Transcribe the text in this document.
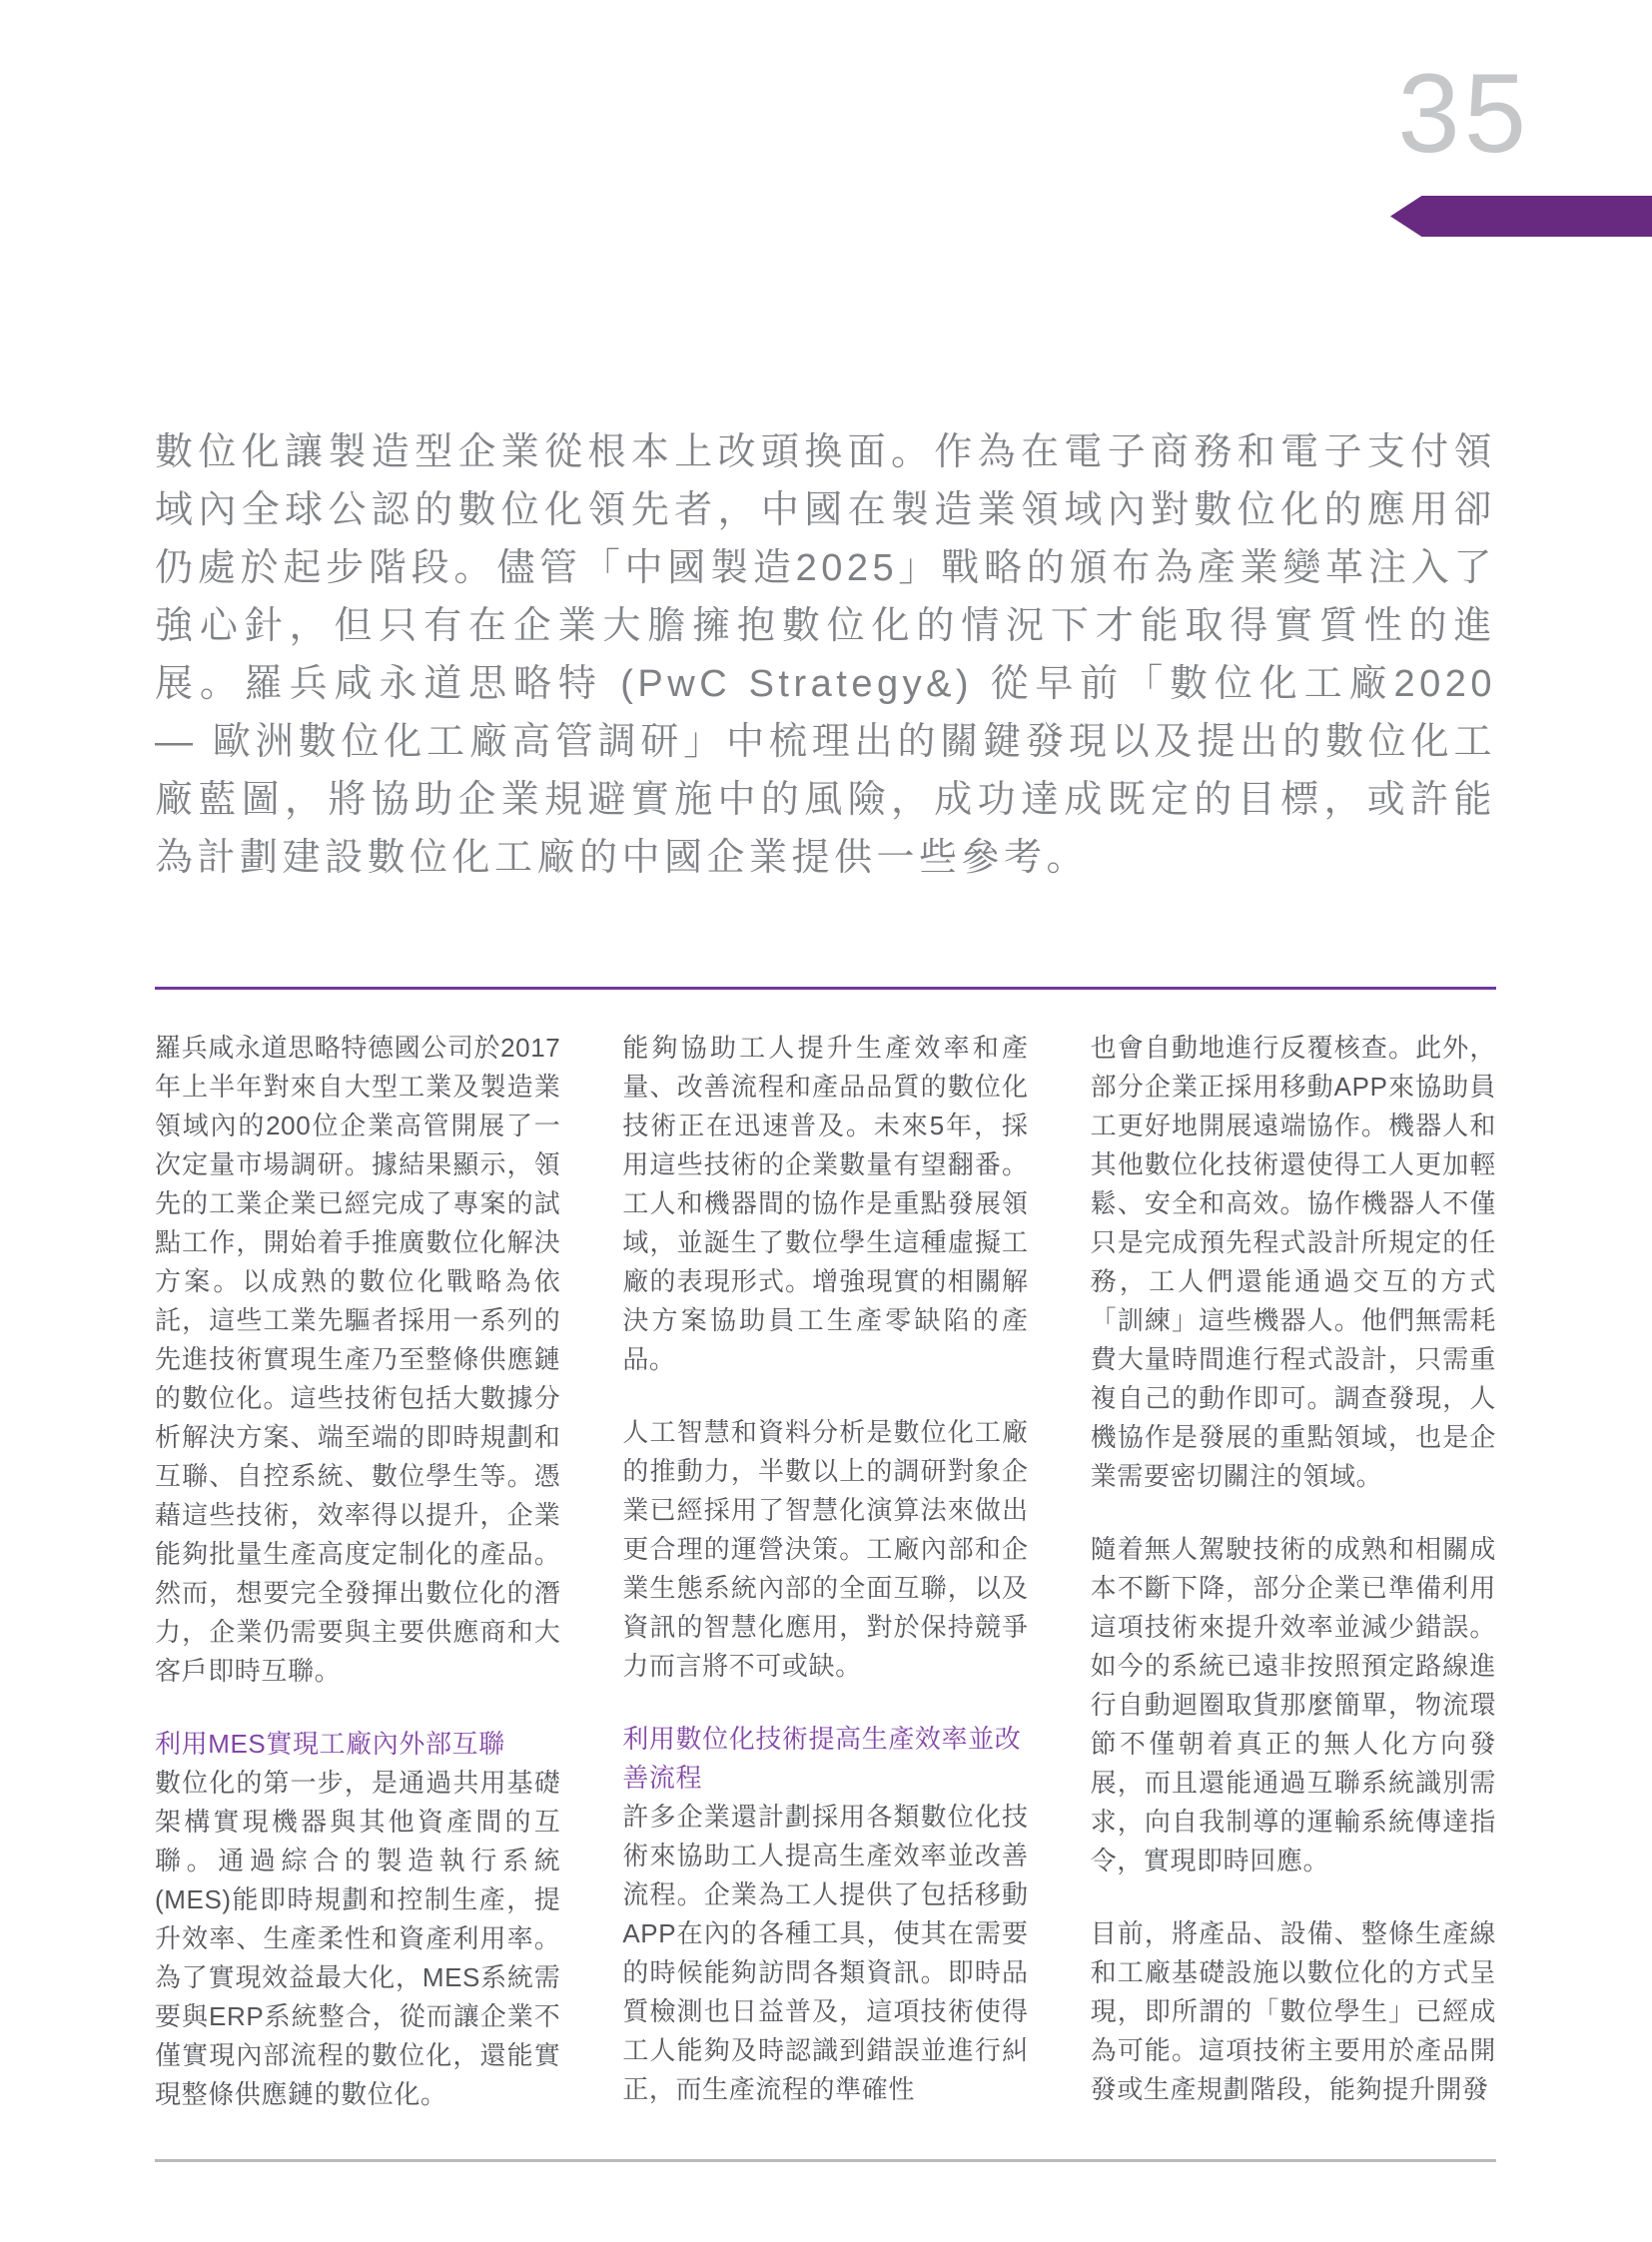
35

數位化讓製造型企業從根本上改頭換面。作為在電子商務和電子支付領域內全球公認的數位化領先者，中國在製造業領域內對數位化的應用卻仍處於起步階段。儘管「中國製造2025」戰略的頒布為產業變革注入了強心針，但只有在企業大膽擁抱數位化的情況下才能取得實質性的進展。羅兵咸永道思略特 (PwC Strategy&) 從早前「數位化工廠2020 — 歐洲數位化工廠高管調研」中梳理出的關鍵發現以及提出的數位化工廠藍圖，將協助企業規避實施中的風險，成功達成既定的目標，或許能為計劃建設數位化工廠的中國企業提供一些參考。

羅兵咸永道思略特德國公司於2017年上半年對來自大型工業及製造業領域內的200位企業高管開展了一次定量市場調研。據結果顯示，領先的工業企業已經完成了專案的試點工作，開始着手推廣數位化解決方案。以成熟的數位化戰略為依託，這些工業先驅者採用一系列的先進技術實現生產乃至整條供應鏈的數位化。這些技術包括大數據分析解決方案、端至端的即時規劃和互聯、自控系統、數位學生等。憑藉這些技術，效率得以提升，企業能夠批量生產高度定制化的產品。然而，想要完全發揮出數位化的潛力，企業仍需要與主要供應商和大客戶即時互聯。

利用MES實現工廠內外部互聯

數位化的第一步，是通過共用基礎架構實現機器與其他資產間的互聯。通過綜合的製造執行系統(MES)能即時規劃和控制生產，提升效率、生產柔性和資產利用率。為了實現效益最大化，MES系統需要與ERP系統整合，從而讓企業不僅實現內部流程的數位化，還能實現整條供應鏈的數位化。

能夠協助工人提升生產效率和產量、改善流程和產品品質的數位化技術正在迅速普及。未來5年，採用這些技術的企業數量有望翻番。工人和機器間的協作是重點發展領域，並誕生了數位學生這種虛擬工廠的表現形式。增強現實的相關解決方案協助員工生產零缺陷的產品。

人工智慧和資料分析是數位化工廠的推動力，半數以上的調研對象企業已經採用了智慧化演算法來做出更合理的運營決策。工廠內部和企業生態系統內部的全面互聯，以及資訊的智慧化應用，對於保持競爭力而言將不可或缺。

利用數位化技術提高生產效率並改善流程

許多企業還計劃採用各類數位化技術來協助工人提高生產效率並改善流程。企業為工人提供了包括移動APP在內的各種工具，使其在需要的時候能夠訪問各類資訊。即時品質檢測也日益普及，這項技術使得工人能夠及時認識到錯誤並進行糾正，而生產流程的準確性

也會自動地進行反覆核查。此外，部分企業正採用移動APP來協助員工更好地開展遠端協作。機器人和其他數位化技術還使得工人更加輕鬆、安全和高效。協作機器人不僅只是完成預先程式設計所規定的任務，工人們還能通過交互的方式「訓練」這些機器人。他們無需耗費大量時間進行程式設計，只需重複自己的動作即可。調查發現，人機協作是發展的重點領域，也是企業需要密切關注的領域。

隨着無人駕駛技術的成熟和相關成本不斷下降，部分企業已準備利用這項技術來提升效率並減少錯誤。如今的系統已遠非按照預定路線進行自動迴圈取貨那麼簡單，物流環節不僅朝着真正的無人化方向發展，而且還能通過互聯系統識別需求，向自我制導的運輸系統傳達指令，實現即時回應。

目前，將產品、設備、整條生產線和工廠基礎設施以數位化的方式呈現，即所謂的「數位學生」已經成為可能。這項技術主要用於產品開發或生產規劃階段，能夠提升開發
